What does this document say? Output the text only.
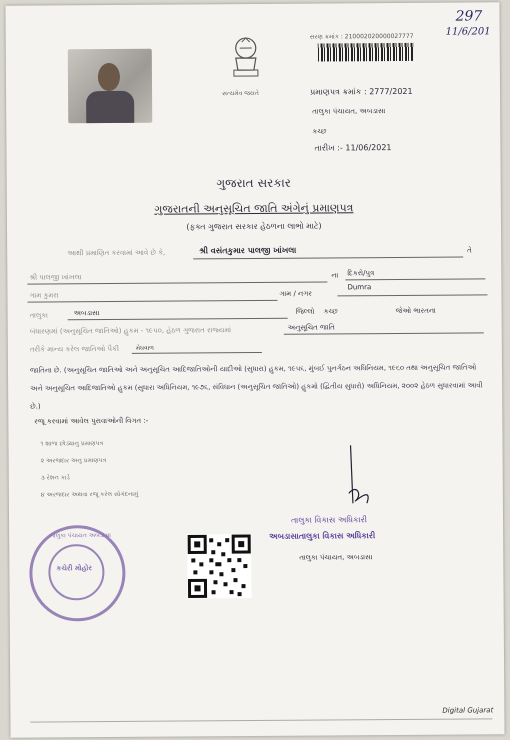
297
11/6/201
સત્યમેવ જયતે
સરણ ક્રમાંક : 210002020000027777
પ્રમાણપત્ર ક્રમાંક : 2777/2021
તાલુકા પંચાયત, અબડાસા
કચ્છ
તારીખ :- 11/06/2021
ગુજરાત સરકાર
ગુજરાતની અનુસૂચિત જાતિ અંગેનું પ્રમાણપત્ર
(ફક્ત ગુજરાત સરકાર હેઠળના લાભો માટે)
આથી પ્રમાણિત કરવામાં આવે છે કે,	શ્રી વસંતકુમાર પાલજી ખાંખલા	તે
શ્રી પાલજી ખાંખલા	ના દિકરો/પુત્ર
ગામ કુમરા	ગામ / નગર
Dumra
તાલુકા	અબડાસા	જિલ્લો કચ્છ	જેઓ ભારતના
બંધારણમાં (અનુસૂચિત જાતિઓ) હુકમ - ૧૯૫૦, હેઠળ ગુજરાત રાજ્યમાં	અનુસૂચિત જાતિ
તરીકે માન્ય કરેલ જાતિઓ પૈકી	મેઘવાળ
જાતિના છે. (અનુસૂચિત જાતિઓ અને અનુસૂચિત આદિજાતિઓની યાદીઓ (સુધારા) હુકમ, ૧૯૫૬, મુંબઈ પુનર્ગઠન અધિનિયમ, ૧૯૬૦ તથા અનુસૂચિત જાતિઓ અને અનુસૂચિત આદિજાતિઓ હુકમ (સુધારા અધિનિયમ, ૧૯૭૬, સંવિધાન (અનુસૂચિત જાતિઓ) હુકમો (દ્વિતીય સુધારો) અધિનિયમ, ૨૦૦૨ હેઠળ સુધારવામાં આવી છે.)
રજૂ કરવામાં આવેલ પુરાવાઓની વિગત :-
૧ શાળા છોડ્યાનુ પ્રમાણપત્ર
૨ અરજદાર અનુ પ્રમાણપત્ર
૩ રેશન કાર્ડ
૪ અરજદાર અથવા રજૂ કરેલ સોગંદનામું
તાલુકા પંચાયત અબડાસા
કચેરી મોહોર
તાલુકા વિકાસ અધિકારી
અબડાસાતાલુકા વિકાસ અધિકારી
તાલુકા પંચાયત, અબડાસા
Digital Gujarat
